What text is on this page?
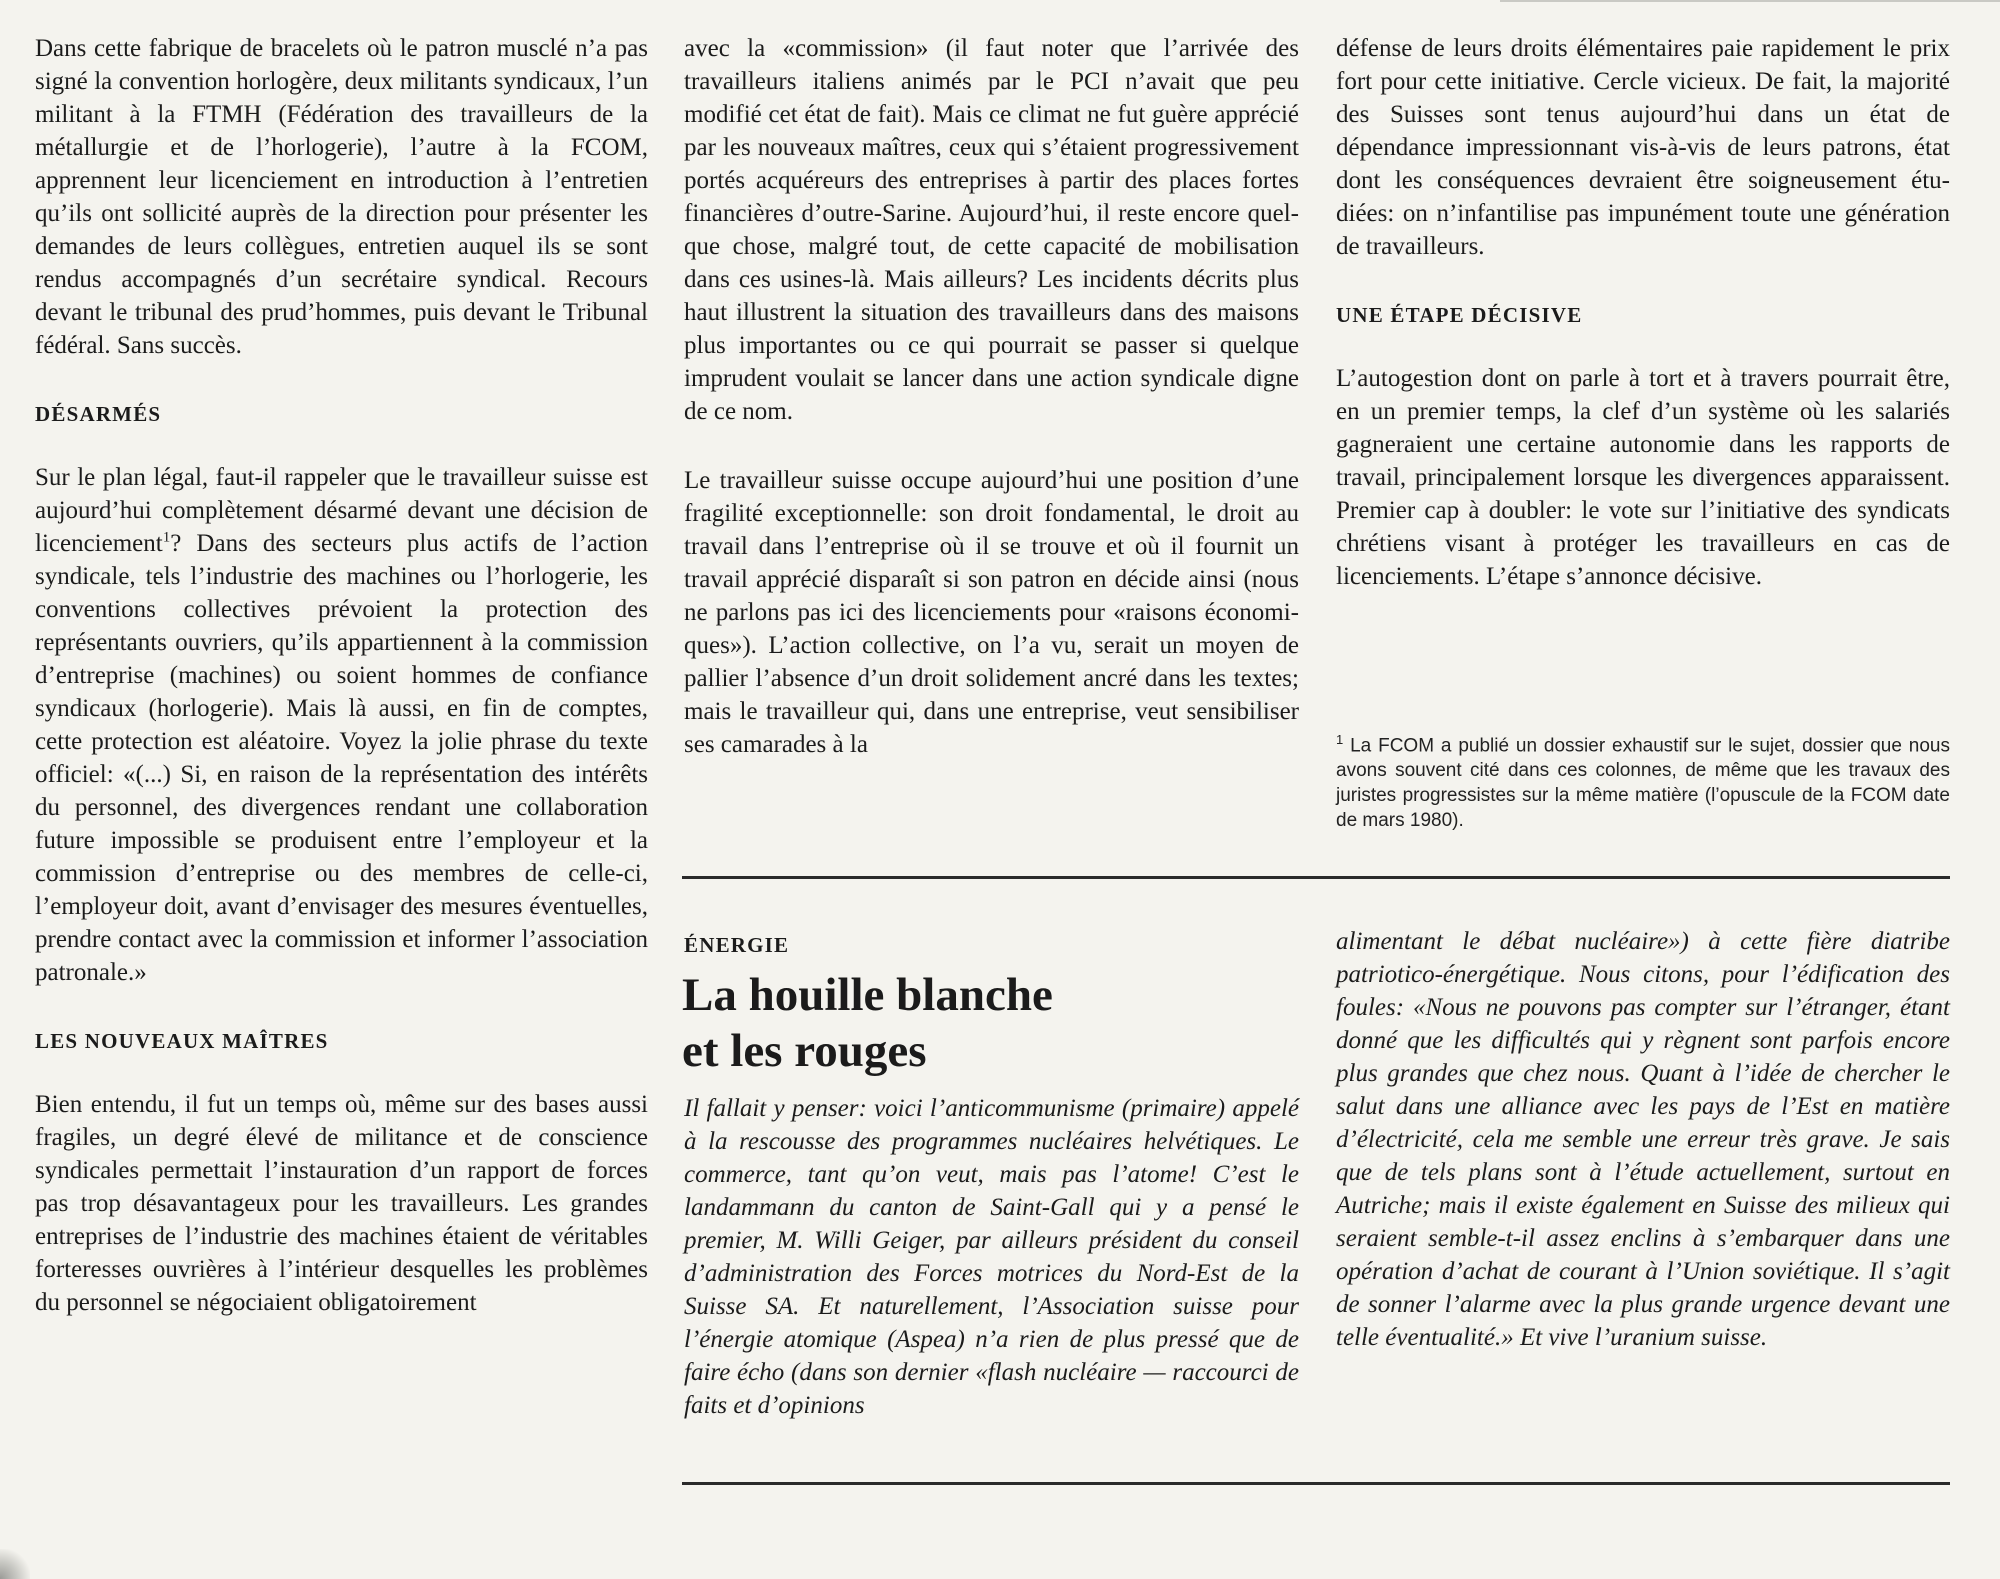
Dans cette fabrique de bracelets où le patron musclé n’a pas signé la convention horlogère, deux militants syndicaux, l’un militant à la FTMH (Fédération des travailleurs de la métallurgie et de l’horlogerie), l’autre à la FCOM, apprennent leur licenciement en introduction à l’entretien qu’ils ont sollicité auprès de la direction pour présenter les demandes de leurs collègues, entretien auquel ils se sont rendus accompagnés d’un secrétaire syndical. Recours devant le tribunal des prud’hommes, puis devant le Tribunal fédéral. Sans succès.

DÉSARMÉS

Sur le plan légal, faut-il rappeler que le travailleur suisse est aujourd’hui complètement désarmé devant une décision de licenciement$^1$? Dans des secteurs plus actifs de l’action syndicale, tels l’industrie des machines ou l’horlogerie, les conventions collectives prévoient la protection des représentants ouvriers, qu’ils appartiennent à la commission d’entreprise (machines) ou soient hommes de confiance syndicaux (horlogerie). Mais là aussi, en fin de comptes, cette protection est aléatoire. Voyez la jolie phrase du texte officiel: «(...) Si, en raison de la représentation des intérêts du personnel, des divergences rendant une collaboration future impossible se produisent entre l’employeur et la commission d’entreprise ou des membres de celle-ci, l’employeur doit, avant d’envisager des mesures éventuelles, prendre contact avec la commission et informer l’association patronale.»

LES NOUVEAUX MAÎTRES

Bien entendu, il fut un temps où, même sur des bases aussi fragiles, un degré élevé de militance et de conscience syndicales permettait l’instauration d’un rapport de forces pas trop désavantageux pour les travailleurs. Les grandes entreprises de l’industrie des machines étaient de véritables forteresses ouvrières à l’intérieur desquelles les problèmes du personnel se négociaient obligatoirement

avec la «commission» (il faut noter que l’arrivée des travailleurs italiens animés par le PCI n’avait que peu modifié cet état de fait). Mais ce climat ne fut guère apprécié par les nouveaux maîtres, ceux qui s’étaient progressivement portés acquéreurs des entreprises à partir des places fortes financières d’outre-Sarine. Aujourd’hui, il reste encore quelque chose, malgré tout, de cette capacité de mobilisation dans ces usines-là. Mais ailleurs? Les incidents décrits plus haut illustrent la situation des travailleurs dans des maisons plus importantes ou ce qui pourrait se passer si quelque imprudent voulait se lancer dans une action syndicale digne de ce nom.

Le travailleur suisse occupe aujourd’hui une position d’une fragilité exceptionnelle: son droit fondamental, le droit au travail dans l’entreprise où il se trouve et où il fournit un travail apprécié disparaît si son patron en décide ainsi (nous ne parlons pas ici des licenciements pour «raisons économiques»). L’action collective, on l’a vu, serait un moyen de pallier l’absence d’un droit solidement ancré dans les textes; mais le travailleur qui, dans une entreprise, veut sensibiliser ses camarades à la

défense de leurs droits élémentaires paie rapidement le prix fort pour cette initiative. Cercle vicieux. De fait, la majorité des Suisses sont tenus aujourd’hui dans un état de dépendance impressionnant vis-à-vis de leurs patrons, état dont les conséquences devraient être soigneusement étudiées: on n’infantilise pas impunément toute une génération de travailleurs.

UNE ÉTAPE DÉCISIVE

L’autogestion dont on parle à tort et à travers pourrait être, en un premier temps, la clef d’un système où les salariés gagneraient une certaine autonomie dans les rapports de travail, principalement lorsque les divergences apparaissent. Premier cap à doubler: le vote sur l’initiative des syndicats chrétiens visant à protéger les travailleurs en cas de licenciements. L’étape s’annonce décisive.

$^1$ La FCOM a publié un dossier exhaustif sur le sujet, dossier que nous avons souvent cité dans ces colonnes, de même que les travaux des juristes progressistes sur la même matière (l’opuscule de la FCOM date de mars 1980).
ÉNERGIE
La houille blanche
et les rouges

Il fallait y penser: voici l’anticommunisme (primaire) appelé à la rescousse des programmes nucléaires helvétiques. Le commerce, tant qu’on veut, mais pas l’atome! C’est le landammann du canton de Saint-Gall qui y a pensé le premier, M. Willi Geiger, par ailleurs président du conseil d’administration des Forces motrices du Nord-Est de la Suisse SA. Et naturellement, l’Association suisse pour l’énergie atomique (Aspea) n’a rien de plus pressé que de faire écho (dans son dernier «flash nucléaire — raccourci de faits et d’opinions

alimentant le débat nucléaire») à cette fière diatribe patriotico-énergétique. Nous citons, pour l’édification des foules: «Nous ne pouvons pas compter sur l’étranger, étant donné que les difficultés qui y règnent sont parfois encore plus grandes que chez nous. Quant à l’idée de chercher le salut dans une alliance avec les pays de l’Est en matière d’électricité, cela me semble une erreur très grave. Je sais que de tels plans sont à l’étude actuellement, surtout en Autriche; mais il existe également en Suisse des milieux qui seraient semble-t-il assez enclins à s’embarquer dans une opération d’achat de courant à l’Union soviétique. Il s’agit de sonner l’alarme avec la plus grande urgence devant une telle éventualité.» Et vive l’uranium suisse.
